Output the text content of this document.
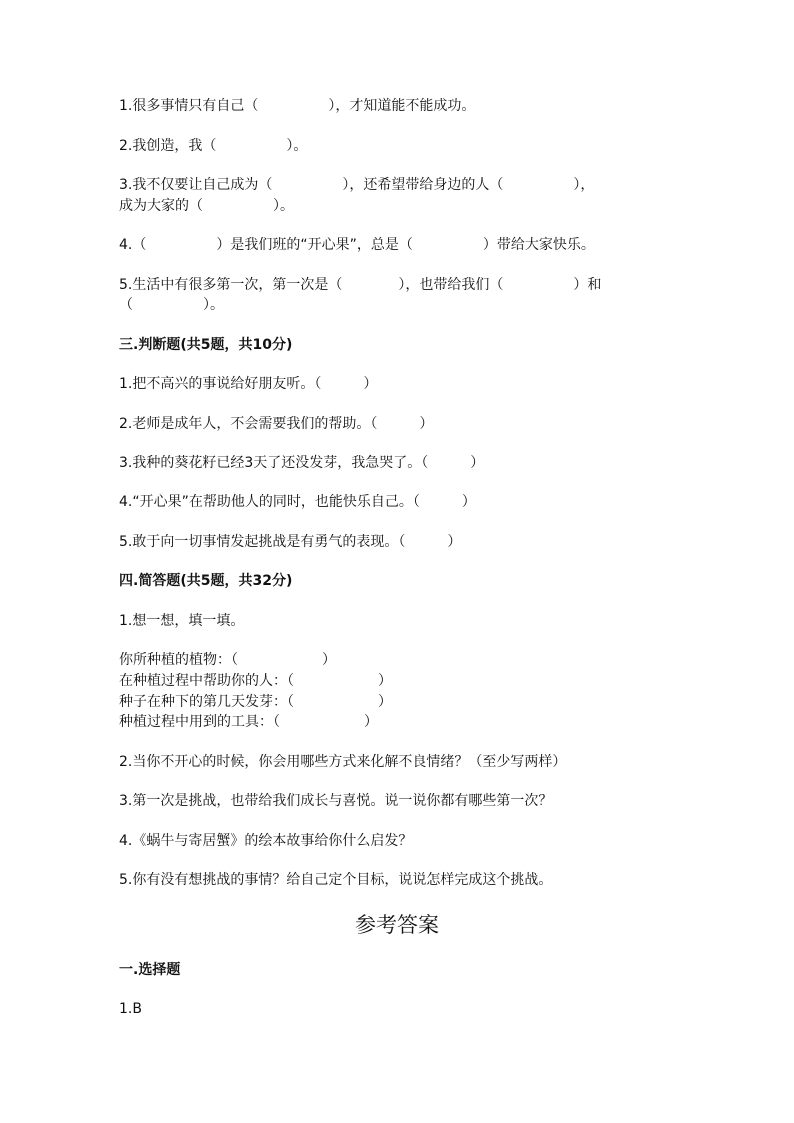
1.很多事情只有自己（　　　　　），才知道能不能成功。
2.我创造，我（　　　　　）。
3.我不仅要让自己成为（　　　　　），还希望带给身边的人（　　　　　），
成为大家的（　　　　　）。
4.（　　　　　）是我们班的“开心果”，总是（　　　　　）带给大家快乐。
5.生活中有很多第一次，第一次是（　　　　），也带给我们（　　　　　）和
（　　　　　）。
三.判断题(共5题，共10分)
1.把不高兴的事说给好朋友听。（　　　）
2.老师是成年人，不会需要我们的帮助。（　　　）
3.我种的葵花籽已经3天了还没发芽，我急哭了。（　　　）
4.“开心果”在帮助他人的同时，也能快乐自己。（　　　）
5.敢于向一切事情发起挑战是有勇气的表现。（　　　）
四.简答题(共5题，共32分)
1.想一想，填一填。
你所种植的植物：（　　　　　　）
在种植过程中帮助你的人：（　　　　　　）
种子在种下的第几天发芽：（　　　　　　）
种植过程中用到的工具：（　　　　　　）
2.当你不开心的时候，你会用哪些方式来化解不良情绪？（至少写两样）
3.第一次是挑战，也带给我们成长与喜悦。说一说你都有哪些第一次？
4.《蜗牛与寄居蟹》的绘本故事给你什么启发？
5.你有没有想挑战的事情？给自己定个目标，说说怎样完成这个挑战。
参考答案
一.选择题
1.B
